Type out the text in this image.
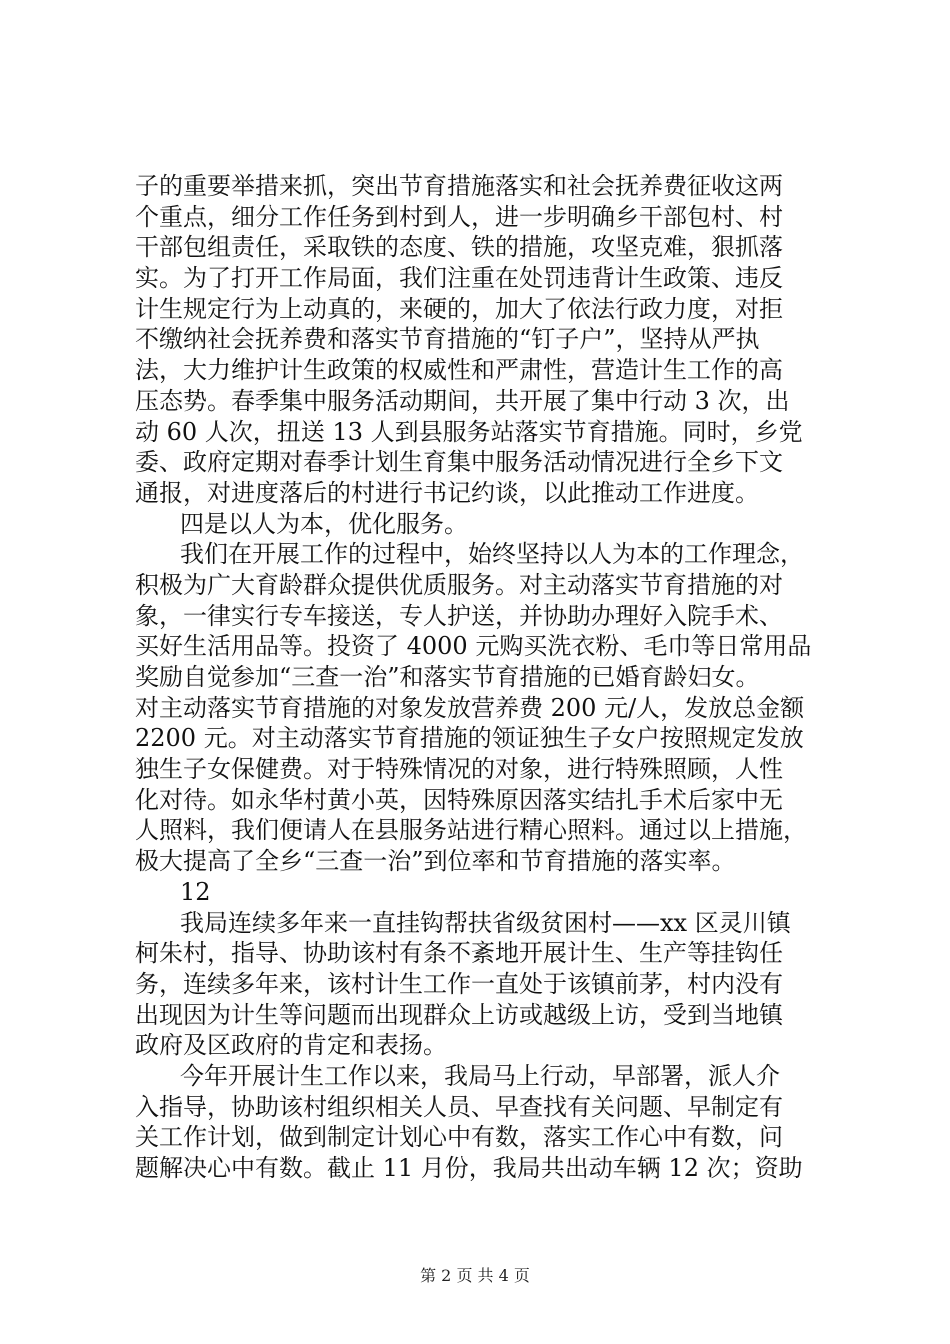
子的重要举措来抓，突出节育措施落实和社会抚养费征收这两
个重点，细分工作任务到村到人，进一步明确乡干部包村、村
干部包组责任，采取铁的态度、铁的措施，攻坚克难，狠抓落
实。为了打开工作局面，我们注重在处罚违背计生政策、违反
计生规定行为上动真的，来硬的，加大了依法行政力度，对拒
不缴纳社会抚养费和落实节育措施的“钉子户”，坚持从严执
法，大力维护计生政策的权威性和严肃性，营造计生工作的高
压态势。春季集中服务活动期间，共开展了集中行动 3 次，出
动 60 人次，扭送 13 人到县服务站落实节育措施。同时，乡党
委、政府定期对春季计划生育集中服务活动情况进行全乡下文
通报，对进度落后的村进行书记约谈，以此推动工作进度。
四是以人为本，优化服务。
我们在开展工作的过程中，始终坚持以人为本的工作理念，
积极为广大育龄群众提供优质服务。对主动落实节育措施的对
象，一律实行专车接送，专人护送，并协助办理好入院手术、
买好生活用品等。投资了 4000 元购买洗衣粉、毛巾等日常用品
奖励自觉参加“三查一治”和落实节育措施的已婚育龄妇女。
对主动落实节育措施的对象发放营养费 200 元/人，发放总金额
2200 元。对主动落实节育措施的领证独生子女户按照规定发放
独生子女保健费。对于特殊情况的对象，进行特殊照顾，人性
化对待。如永华村黄小英，因特殊原因落实结扎手术后家中无
人照料，我们便请人在县服务站进行精心照料。通过以上措施，
极大提高了全乡“三查一治”到位率和节育措施的落实率。
12
我局连续多年来一直挂钩帮扶省级贫困村——xx 区灵川镇
柯朱村，指导、协助该村有条不紊地开展计生、生产等挂钩任
务，连续多年来，该村计生工作一直处于该镇前茅，村内没有
出现因为计生等问题而出现群众上访或越级上访，受到当地镇
政府及区政府的肯定和表扬。
今年开展计生工作以来，我局马上行动，早部署，派人介
入指导，协助该村组织相关人员、早查找有关问题、早制定有
关工作计划，做到制定计划心中有数，落实工作心中有数，问
题解决心中有数。截止 11 月份，我局共出动车辆 12 次；资助
第 2 页 共 4 页
